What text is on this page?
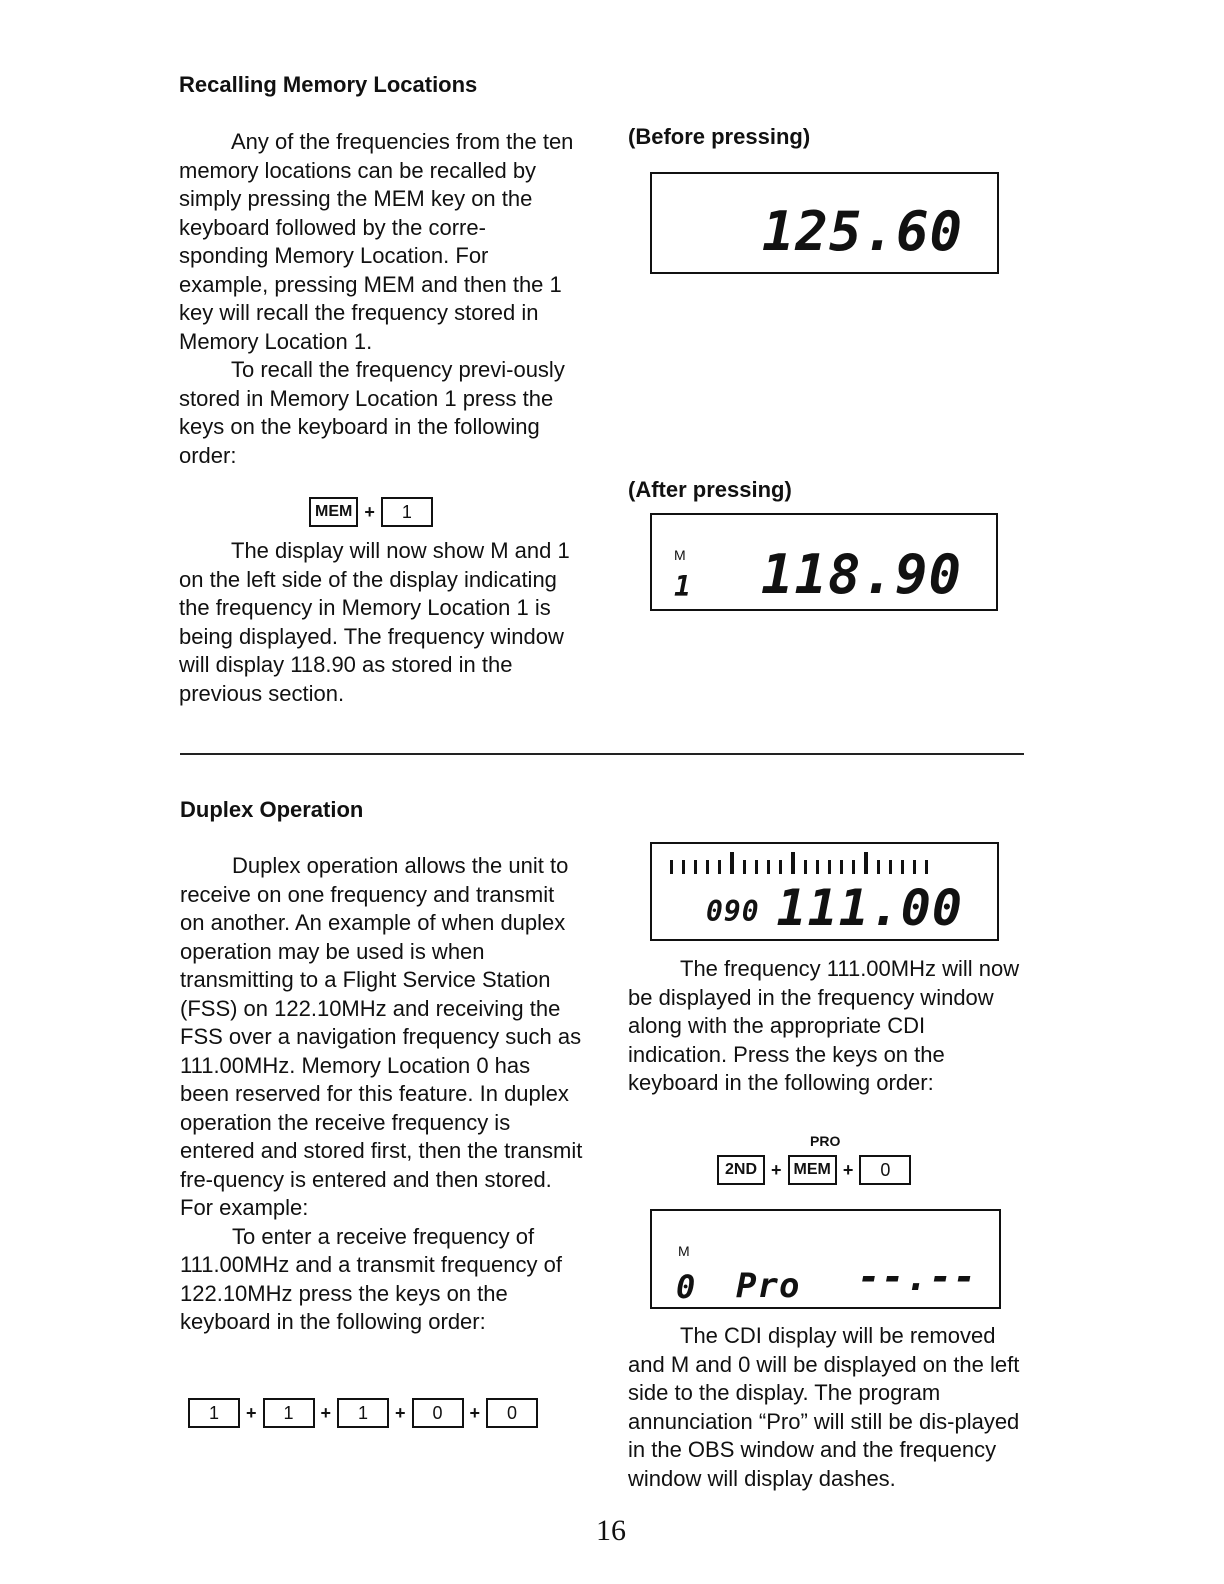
Recalling Memory Locations

Any of the frequencies from the ten memory locations can be recalled by simply pressing the MEM key on the keyboard followed by the corre-sponding Memory Location. For example, pressing MEM and then the 1 key will recall the frequency stored in Memory Location 1.

To recall the frequency previ-ously stored in Memory Location 1 press the keys on the keyboard in the following order:

MEM +	1

The display will now show M and 1 on the left side of the display indicating the frequency in Memory Location 1 is being displayed. The frequency window will display 118.90 as stored in the previous section.

(Before pressing)
125.60
(After pressing)
M
1 118.90
Duplex Operation

Duplex operation allows the unit to receive on one frequency and transmit on another. An example of when duplex operation may be used is when transmitting to a Flight Service Station (FSS) on 122.10MHz and receiving the FSS over a navigation frequency such as 111.00MHz. Memory Location 0 has been reserved for this feature. In duplex operation the receive frequency is entered and stored first, then the transmit fre-quency is entered and then stored. For example:

To enter a receive frequency of 111.00MHz and a transmit frequency of 122.10MHz press the keys on the keyboard in the following order:

1	+	1	+	1	+	0	+	0
090 111.00

The frequency 111.00MHz will now be displayed in the frequency window along with the appropriate CDI indication. Press the keys on the keyboard in the following order:

PRO
2ND + MEM +	0
M
0 Pro --.--

The CDI display will be removed and M and 0 will be displayed on the left side to the display. The program annunciation “Pro” will still be dis-played in the OBS window and the frequency window will display dashes.

16
